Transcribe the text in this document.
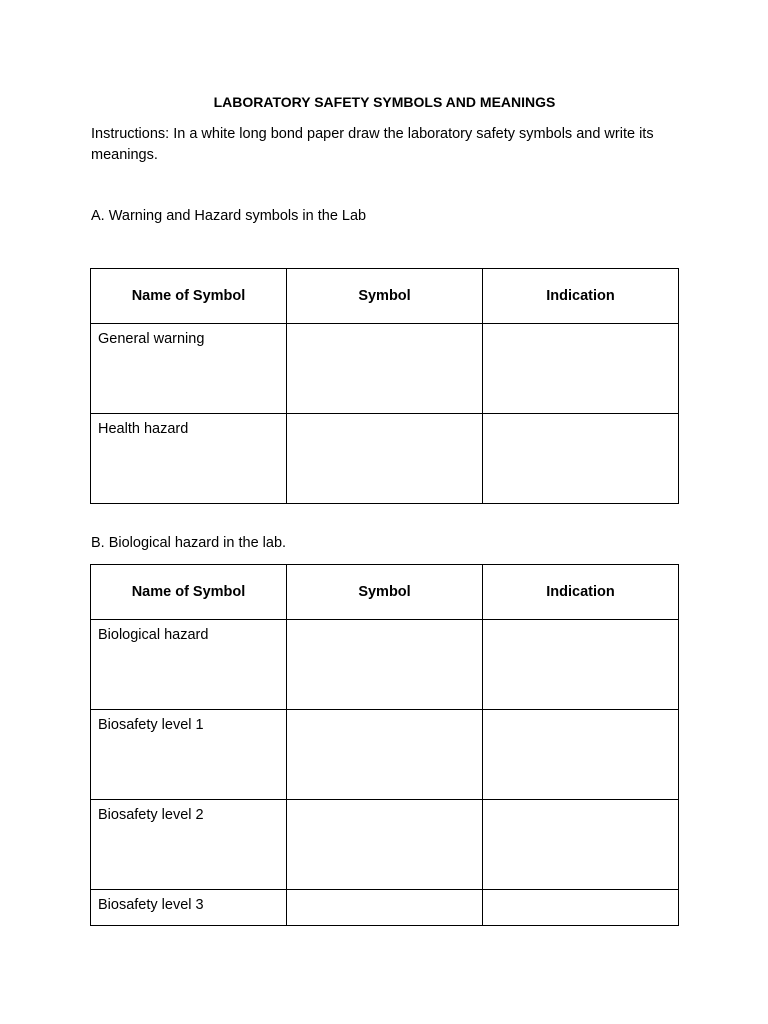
LABORATORY SAFETY SYMBOLS AND MEANINGS
Instructions: In a white long bond paper draw the laboratory safety symbols and write its meanings.
A. Warning and Hazard symbols in the Lab
Name of Symbol	Symbol	Indication
General warning		
Health hazard		
B. Biological hazard in the lab.
Name of Symbol	Symbol	Indication
Biological hazard		
Biosafety level 1		
Biosafety level 2		
Biosafety level 3		
